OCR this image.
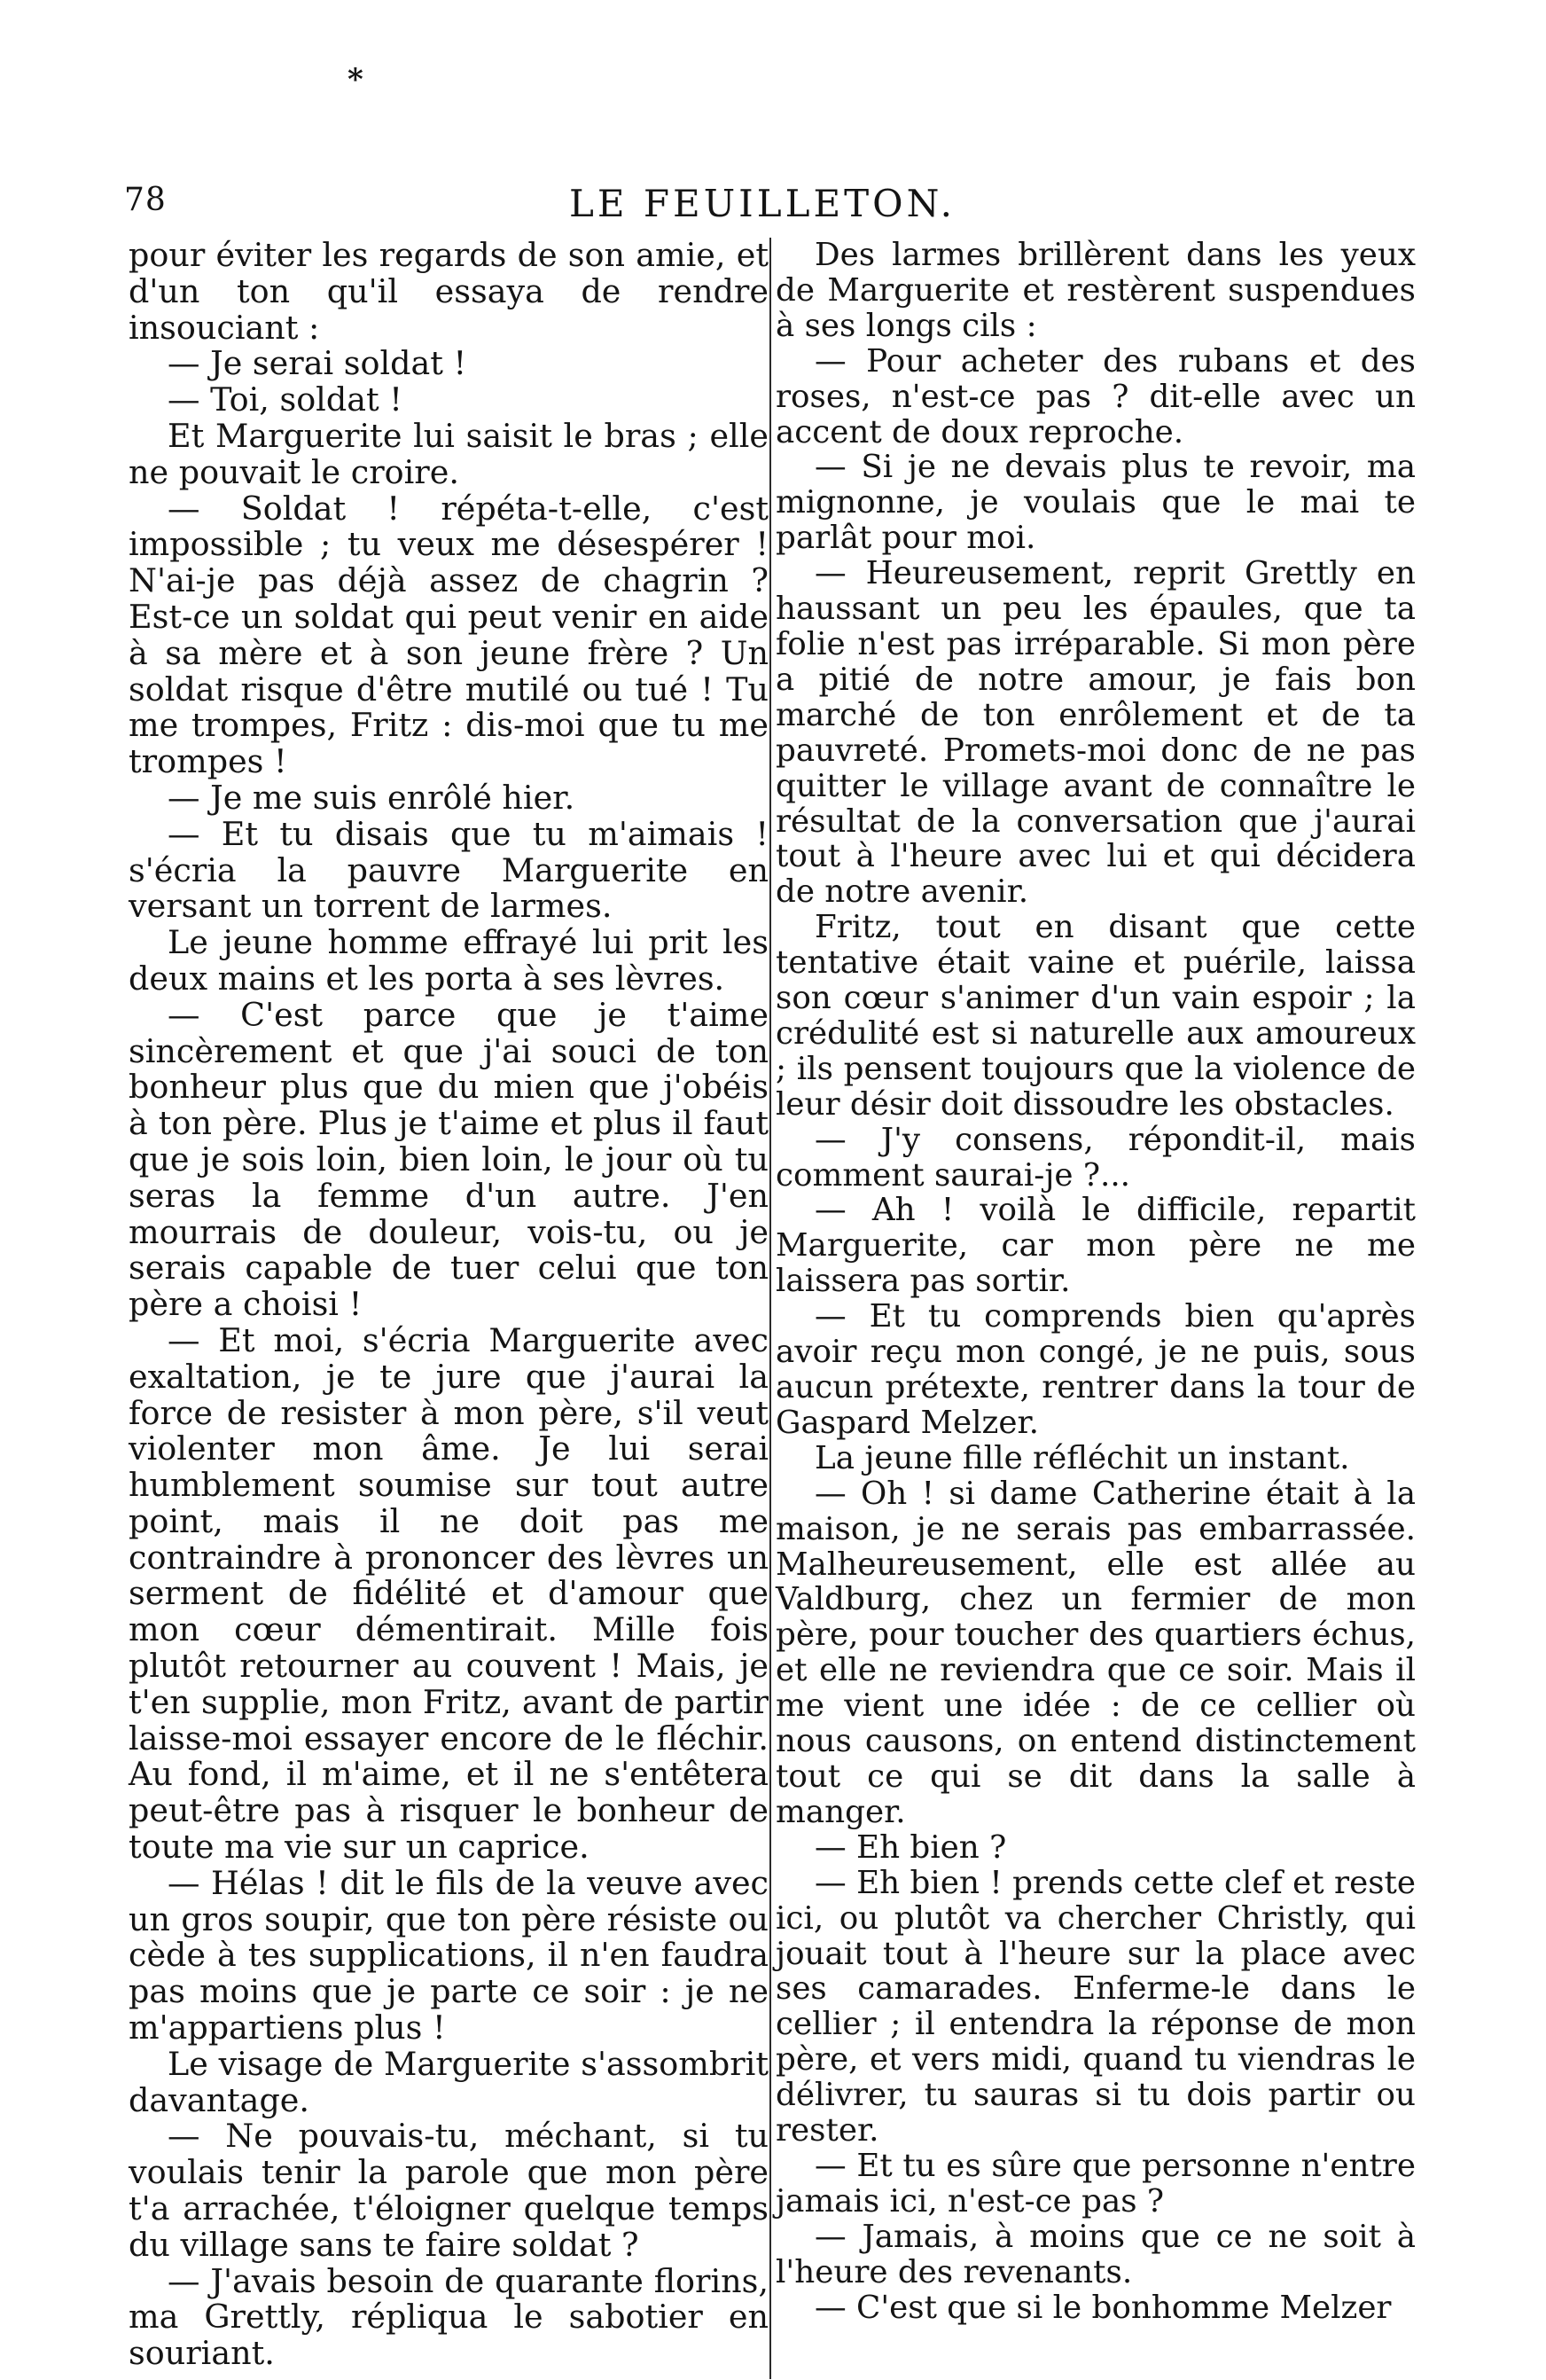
*
78	LE FEUILLETON.

pour éviter les regards de son amie, et d'un ton qu'il essaya de rendre insouciant :

— Je serai soldat !

— Toi, soldat !

Et Marguerite lui saisit le bras ; elle ne pouvait le croire.

— Soldat ! répéta-t-elle, c'est impossible ; tu veux me désespérer ! N'ai-je pas déjà assez de chagrin ? Est-ce un soldat qui peut venir en aide à sa mère et à son jeune frère ? Un soldat risque d'être mutilé ou tué ! Tu me trompes, Fritz : dis-moi que tu me trompes !

— Je me suis enrôlé hier.

— Et tu disais que tu m'aimais ! s'écria la pauvre Marguerite en versant un torrent de larmes.

Le jeune homme effrayé lui prit les deux mains et les porta à ses lèvres.

— C'est parce que je t'aime sincèrement et que j'ai souci de ton bonheur plus que du mien que j'obéis à ton père. Plus je t'aime et plus il faut que je sois loin, bien loin, le jour où tu seras la femme d'un autre. J'en mourrais de douleur, vois-tu, ou je serais capable de tuer celui que ton père a choisi !

— Et moi, s'écria Marguerite avec exaltation, je te jure que j'aurai la force de resister à mon père, s'il veut violenter mon âme. Je lui serai humblement soumise sur tout autre point, mais il ne doit pas me contraindre à prononcer des lèvres un serment de fidélité et d'amour que mon cœur démentirait. Mille fois plutôt retourner au couvent ! Mais, je t'en supplie, mon Fritz, avant de partir laisse-moi essayer encore de le fléchir. Au fond, il m'aime, et il ne s'entêtera peut-être pas à risquer le bonheur de toute ma vie sur un caprice.

— Hélas ! dit le fils de la veuve avec un gros soupir, que ton père résiste ou cède à tes supplications, il n'en faudra pas moins que je parte ce soir : je ne m'appartiens plus !

Le visage de Marguerite s'assombrit davantage.

— Ne pouvais-tu, méchant, si tu voulais tenir la parole que mon père t'a arrachée, t'éloigner quelque temps du village sans te faire soldat ?

— J'avais besoin de quarante florins, ma Grettly, répliqua le sabotier en souriant.

Des larmes brillèrent dans les yeux de Marguerite et restèrent suspendues à ses longs cils :

— Pour acheter des rubans et des roses, n'est-ce pas ? dit-elle avec un accent de doux reproche.

— Si je ne devais plus te revoir, ma mignonne, je voulais que le mai te parlât pour moi.

— Heureusement, reprit Grettly en haussant un peu les épaules, que ta folie n'est pas irréparable. Si mon père a pitié de notre amour, je fais bon marché de ton enrôlement et de ta pauvreté. Promets-moi donc de ne pas quitter le village avant de connaître le résultat de la conversation que j'aurai tout à l'heure avec lui et qui décidera de notre avenir.

Fritz, tout en disant que cette tentative était vaine et puérile, laissa son cœur s'animer d'un vain espoir ; la crédulité est si naturelle aux amoureux ; ils pensent toujours que la violence de leur désir doit dissoudre les obstacles.

— J'y consens, répondit-il, mais comment saurai-je ?...

— Ah ! voilà le difficile, repartit Marguerite, car mon père ne me laissera pas sortir.

— Et tu comprends bien qu'après avoir reçu mon congé, je ne puis, sous aucun prétexte, rentrer dans la tour de Gaspard Melzer.

La jeune fille réfléchit un instant.

— Oh ! si dame Catherine était à la maison, je ne serais pas embarrassée. Malheureusement, elle est allée au Valdburg, chez un fermier de mon père, pour toucher des quartiers échus, et elle ne reviendra que ce soir. Mais il me vient une idée : de ce cellier où nous causons, on entend distinctement tout ce qui se dit dans la salle à manger.

— Eh bien ?

— Eh bien ! prends cette clef et reste ici, ou plutôt va chercher Christly, qui jouait tout à l'heure sur la place avec ses camarades. Enferme-le dans le cellier ; il entendra la réponse de mon père, et vers midi, quand tu viendras le délivrer, tu sauras si tu dois partir ou rester.

— Et tu es sûre que personne n'entre jamais ici, n'est-ce pas ?

— Jamais, à moins que ce ne soit à l'heure des revenants.

— C'est que si le bonhomme Melzer
